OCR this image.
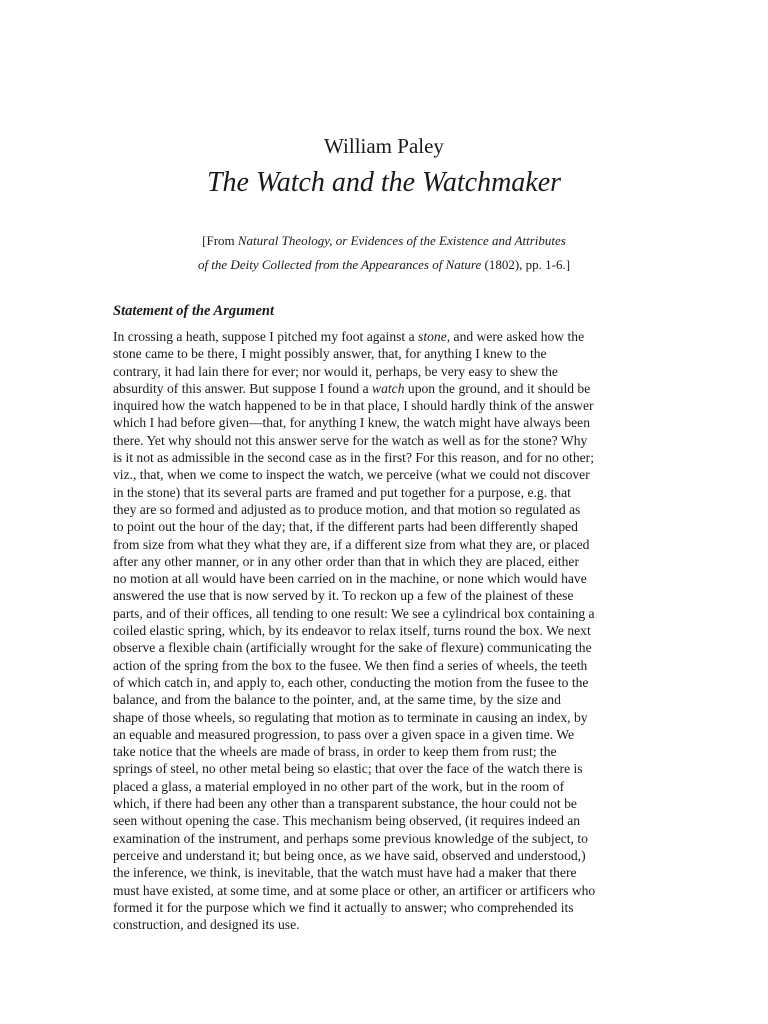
William Paley
The Watch and the Watchmaker
[From Natural Theology, or Evidences of the Existence and Attributes
of the Deity Collected from the Appearances of Nature (1802), pp. 1-6.]
Statement of the Argument
In crossing a heath, suppose I pitched my foot against a stone, and were asked how the
stone came to be there, I might possibly answer, that, for anything I knew to the
contrary, it had lain there for ever; nor would it, perhaps, be very easy to shew the
absurdity of this answer. But suppose I found a watch upon the ground, and it should be
inquired how the watch happened to be in that place, I should hardly think of the answer
which I had before given—that, for anything I knew, the watch might have always been
there. Yet why should not this answer serve for the watch as well as for the stone? Why
is it not as admissible in the second case as in the first? For this reason, and for no other;
viz., that, when we come to inspect the watch, we perceive (what we could not discover
in the stone) that its several parts are framed and put together for a purpose, e.g. that
they are so formed and adjusted as to produce motion, and that motion so regulated as
to point out the hour of the day; that, if the different parts had been differently shaped
from size from what they what they are, if a different size from what they are, or placed
after any other manner, or in any other order than that in which they are placed, either
no motion at all would have been carried on in the machine, or none which would have
answered the use that is now served by it. To reckon up a few of the plainest of these
parts, and of their offices, all tending to one result: We see a cylindrical box containing a
coiled elastic spring, which, by its endeavor to relax itself, turns round the box. We next
observe a flexible chain (artificially wrought for the sake of flexure) communicating the
action of the spring from the box to the fusee. We then find a series of wheels, the teeth
of which catch in, and apply to, each other, conducting the motion from the fusee to the
balance, and from the balance to the pointer, and, at the same time, by the size and
shape of those wheels, so regulating that motion as to terminate in causing an index, by
an equable and measured progression, to pass over a given space in a given time. We
take notice that the wheels are made of brass, in order to keep them from rust; the
springs of steel, no other metal being so elastic; that over the face of the watch there is
placed a glass, a material employed in no other part of the work, but in the room of
which, if there had been any other than a transparent substance, the hour could not be
seen without opening the case. This mechanism being observed, (it requires indeed an
examination of the instrument, and perhaps some previous knowledge of the subject, to
perceive and understand it; but being once, as we have said, observed and understood,)
the inference, we think, is inevitable, that the watch must have had a maker that there
must have existed, at some time, and at some place or other, an artificer or artificers who
formed it for the purpose which we find it actually to answer; who comprehended its
construction, and designed its use.
